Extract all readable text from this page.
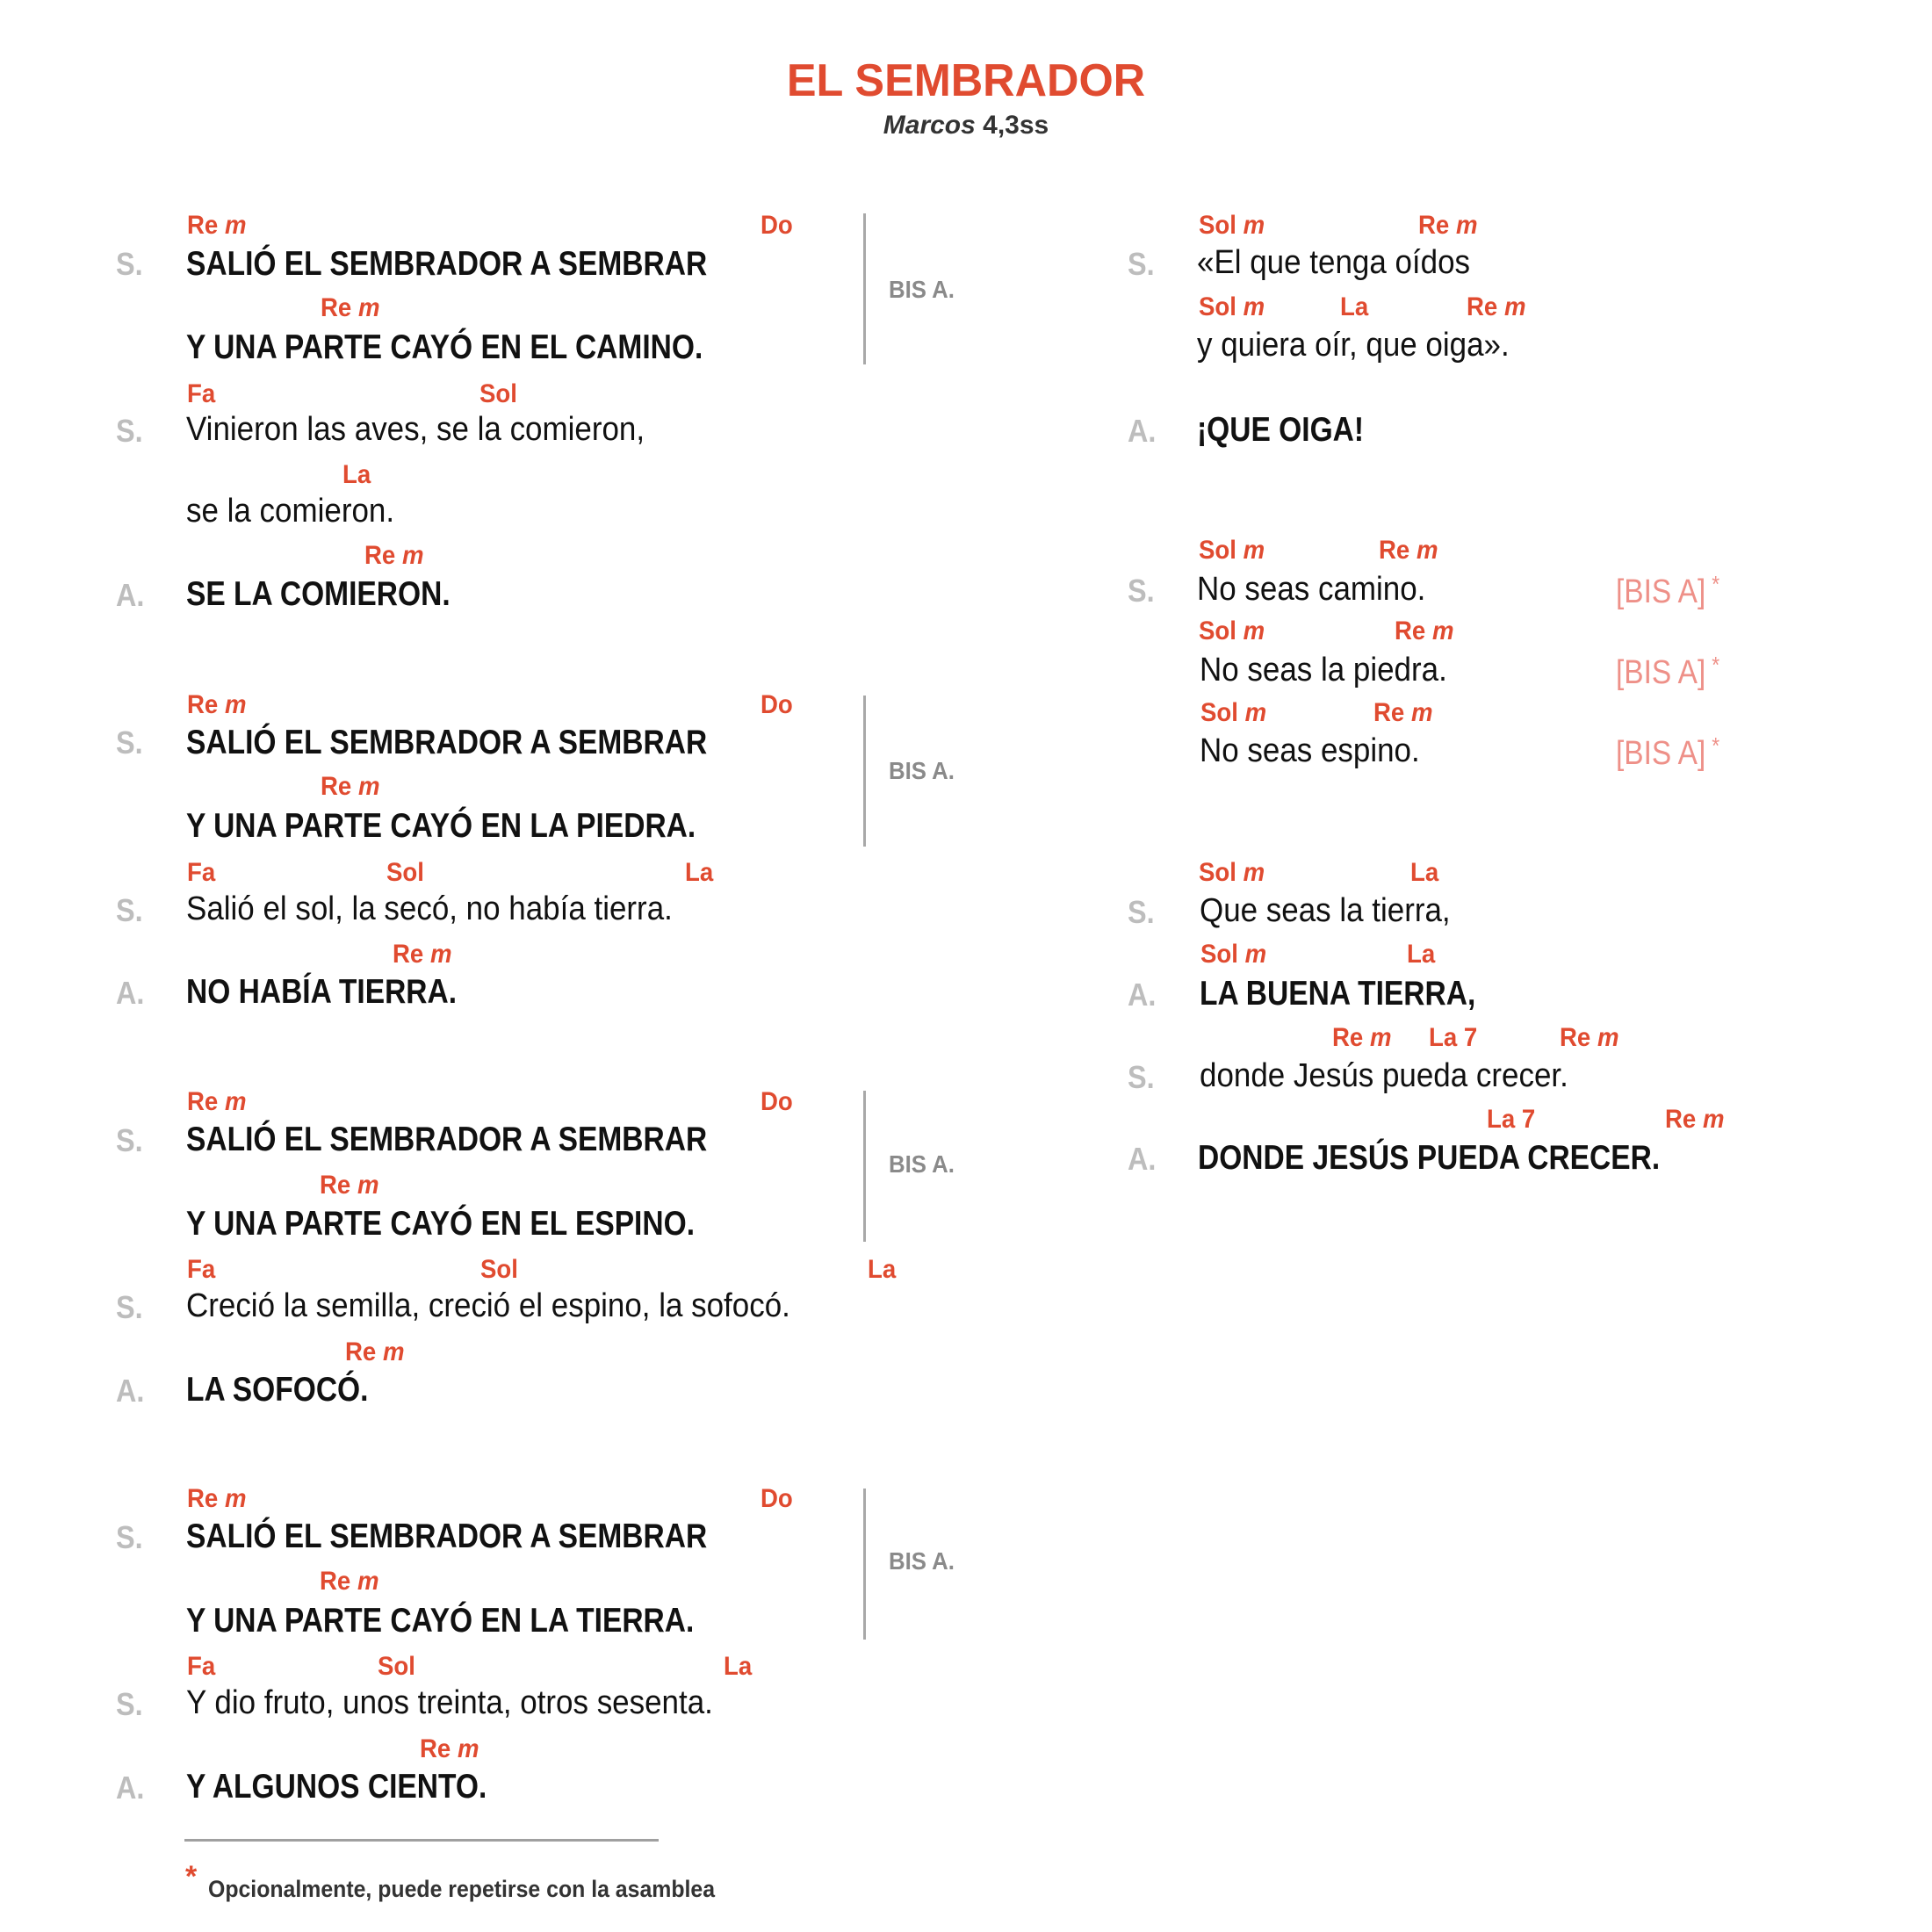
EL SEMBRADOR
Marcos 4,3ss
Re m	Do
S. SALIÓ EL SEMBRADOR A SEMBRAR
Re m
Y UNA PARTE CAYÓ EN EL CAMINO.
BIS A.
Fa	Sol
S. Vinieron las aves, se la comieron,
La
se la comieron.
Re m
A. SE LA COMIERON.
Re m	Do
S. SALIÓ EL SEMBRADOR A SEMBRAR
Re m
Y UNA PARTE CAYÓ EN LA PIEDRA.
BIS A.
Fa	Sol	La
S. Salió el sol, la secó, no había tierra.
Re m
A. NO HABÍA TIERRA.
Re m	Do
S. SALIÓ EL SEMBRADOR A SEMBRAR
Re m
Y UNA PARTE CAYÓ EN EL ESPINO.
BIS A.
Fa	Sol	La
S. Creció la semilla, creció el espino, la sofocó.
Re m
A. LA SOFOCÓ.
Re m	Do
S. SALIÓ EL SEMBRADOR A SEMBRAR
Re m
Y UNA PARTE CAYÓ EN LA TIERRA.
BIS A.
Fa	Sol	La
S. Y dio fruto, unos treinta, otros sesenta.
Re m
A. Y ALGUNOS CIENTO.
* Opcionalmente, puede repetirse con la asamblea
Sol m	Re m
S. «El que tenga oídos
Sol m	La	Re m
y quiera oír, que oiga».
A. ¡QUE OIGA!
Sol m	Re m
S. No seas camino.	[BIS A] *
Sol m	Re m
No seas la piedra.	[BIS A] *
Sol m	Re m
No seas espino.	[BIS A] *
Sol m	La
S. Que seas la tierra,
Sol m	La
A. LA BUENA TIERRA,
Re m La 7	Re m
S. donde Jesús pueda crecer.
La 7	Re m
A. DONDE JESÚS PUEDA CRECER.
